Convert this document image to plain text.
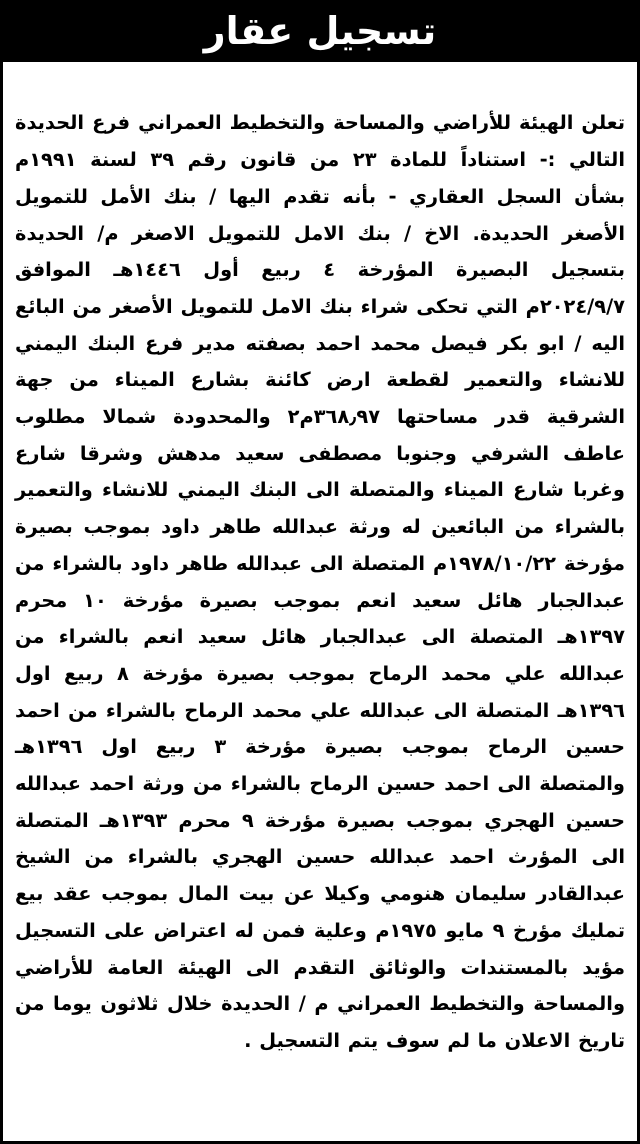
تسجيل عقار

تعلن الهيئة للأراضي والمساحة والتخطيط العمراني فرع الحديدة التالي :- استناداً للمادة ٢٣ من قانون رقم ٣٩ لسنة ١٩٩١م بشأن السجل العقاري - بأنه تقدم اليها / بنك الأمل للتمويل الأصغر الحديدة. الاخ / بنك الامل للتمويل الاصغر م/ الحديدة بتسجيل البصيرة المؤرخة ٤ ربيع أول ١٤٤٦هـ الموافق ٢٠٢٤/٩/٧م التي تحكى شراء بنك الامل للتمويل الأصغر من البائع اليه / ابو بكر فيصل محمد احمد بصفته مدير فرع البنك اليمني للانشاء والتعمير لقطعة ارض كائنة بشارع الميناء من جهة الشرقية قدر مساحتها ٣٦٨٫٩٧م٢ والمحدودة شمالا مطلوب عاطف الشرفي وجنوبا مصطفى سعيد مدهش وشرقا شارع وغربا شارع الميناء والمتصلة الى البنك اليمني للانشاء والتعمير بالشراء من البائعين له ورثة عبدالله طاهر داود بموجب بصيرة مؤرخة ١٩٧٨/١٠/٢٢م المتصلة الى عبدالله طاهر داود بالشراء من عبدالجبار هائل سعيد انعم بموجب بصيرة مؤرخة ١٠ محرم ١٣٩٧هـ المتصلة الى عبدالجبار هائل سعيد انعم بالشراء من عبدالله علي محمد الرماح بموجب بصيرة مؤرخة ٨ ربيع اول ١٣٩٦هـ المتصلة الى عبدالله علي محمد الرماح بالشراء من احمد حسين الرماح بموجب بصيرة مؤرخة ٣ ربيع اول ١٣٩٦هـ والمتصلة الى احمد حسين الرماح بالشراء من ورثة احمد عبدالله حسين الهجري بموجب بصيرة مؤرخة ٩ محرم ١٣٩٣هـ المتصلة الى المؤرث احمد عبدالله حسين الهجري بالشراء من الشيخ عبدالقادر سليمان هنومي وكيلا عن بيت المال بموجب عقد بيع تمليك مؤرخ ٩ مايو ١٩٧٥م وعلية فمن له اعتراض على التسجيل مؤيد بالمستندات والوثائق التقدم الى الهيئة العامة للأراضي والمساحة والتخطيط العمراني م / الحديدة خلال ثلاثون يوما من تاريخ الاعلان ما لم سوف يتم التسجيل .
